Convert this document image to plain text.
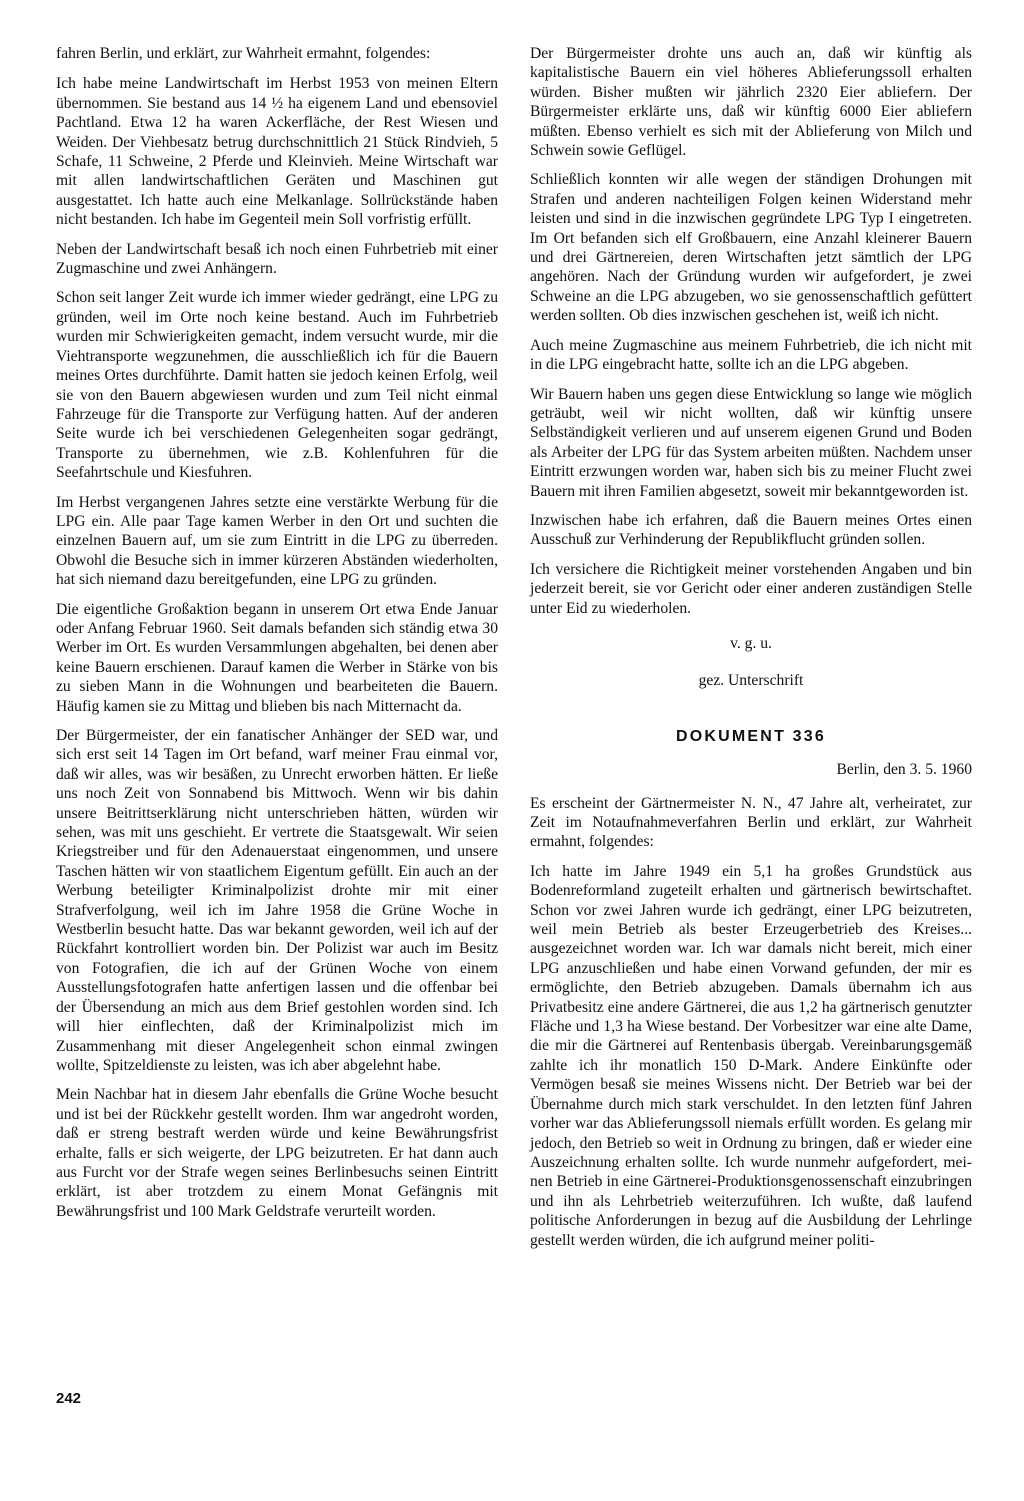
fahren Berlin, und erklärt, zur Wahrheit ermahnt, folgendes:

Ich habe meine Landwirtschaft im Herbst 1953 von meinen Eltern übernommen. Sie bestand aus 14 ½ ha eigenem Land und ebensoviel Pachtland. Etwa 12 ha waren Ackerfläche, der Rest Wiesen und Weiden. Der Viehbesatz betrug durchschnittlich 21 Stück Rindvieh, 5 Schafe, 11 Schweine, 2 Pferde und Kleinvieh. Meine Wirtschaft war mit allen landwirtschaftlichen Geräten und Maschinen gut ausgestattet. Ich hatte auch eine Melkanlage. Sollrückstände haben nicht bestanden. Ich habe im Gegenteil mein Soll vorfristig erfüllt.

Neben der Landwirtschaft besaß ich noch einen Fuhrbetrieb mit einer Zugmaschine und zwei Anhängern.

Schon seit langer Zeit wurde ich immer wieder gedrängt, eine LPG zu gründen, weil im Orte noch keine bestand. Auch im Fuhrbetrieb wurden mir Schwierigkeiten gemacht, indem versucht wurde, mir die Viehtransporte wegzunehmen, die ausschließlich ich für die Bauern meines Ortes durchführte. Damit hatten sie jedoch keinen Erfolg, weil sie von den Bauern abgewiesen wurden und zum Teil nicht einmal Fahrzeuge für die Transporte zur Verfügung hatten. Auf der anderen Seite wurde ich bei verschiedenen Gelegenheiten sogar gedrängt, Transporte zu übernehmen, wie z.B. Kohlenfuhren für die Seefahrtschule und Kiesfuhren.

Im Herbst vergangenen Jahres setzte eine verstärkte Werbung für die LPG ein. Alle paar Tage kamen Werber in den Ort und suchten die einzelnen Bauern auf, um sie zum Eintritt in die LPG zu überreden. Obwohl die Besuche sich in immer kürzeren Abständen wiederholten, hat sich niemand dazu bereitgefunden, eine LPG zu gründen.

Die eigentliche Großaktion begann in unserem Ort etwa Ende Januar oder Anfang Februar 1960. Seit damals befanden sich ständig etwa 30 Werber im Ort. Es wurden Versammlungen abgehalten, bei denen aber keine Bauern erschienen. Darauf kamen die Werber in Stärke von bis zu sieben Mann in die Wohnungen und bearbeiteten die Bauern. Häufig kamen sie zu Mittag und blieben bis nach Mitternacht da.

Der Bürgermeister, der ein fanatischer Anhänger der SED war, und sich erst seit 14 Tagen im Ort befand, warf meiner Frau einmal vor, daß wir alles, was wir besäßen, zu Unrecht erworben hätten. Er ließe uns noch Zeit von Sonnabend bis Mittwoch. Wenn wir bis dahin unsere Beitrittserklärung nicht unterschrieben hätten, würden wir sehen, was mit uns geschieht. Er vertrete die Staatsgewalt. Wir seien Kriegstreiber und für den Adenauerstaat eingenommen, und unsere Taschen hätten wir von staatlichem Eigentum gefüllt. Ein auch an der Werbung beteiligter Kriminalpolizist drohte mir mit einer Strafverfolgung, weil ich im Jahre 1958 die Grüne Woche in Westberlin besucht hatte. Das war bekannt geworden, weil ich auf der Rückfahrt kontrolliert worden bin. Der Polizist war auch im Besitz von Fotografien, die ich auf der Grünen Woche von einem Ausstellungsfotografen hatte anfertigen lassen und die offenbar bei der Übersendung an mich aus dem Brief gestohlen worden sind. Ich will hier einflechten, daß der Kriminalpolizist mich im Zusammenhang mit dieser Angelegenheit schon einmal zwingen wollte, Spitzeldienste zu leisten, was ich aber abgelehnt habe.

Mein Nachbar hat in diesem Jahr ebenfalls die Grüne Woche besucht und ist bei der Rückkehr gestellt worden. Ihm war angedroht worden, daß er streng bestraft werden würde und keine Bewährungsfrist erhalte, falls er sich weigerte, der LPG beizutreten. Er hat dann auch aus Furcht vor der Strafe wegen seines Berlinbesuchs seinen Eintritt erklärt, ist aber trotzdem zu einem Monat Gefängnis mit Bewährungsfrist und 100 Mark Geldstrafe verurteilt worden.

Der Bürgermeister drohte uns auch an, daß wir künftig als kapitalistische Bauern ein viel höheres Ablieferungssoll erhalten würden. Bisher mußten wir jährlich 2320 Eier abliefern. Der Bürgermeister erklärte uns, daß wir künftig 6000 Eier abliefern müßten. Ebenso verhielt es sich mit der Ablieferung von Milch und Schwein sowie Geflügel.

Schließlich konnten wir alle wegen der ständigen Drohungen mit Strafen und anderen nachteiligen Folgen keinen Widerstand mehr leisten und sind in die inzwischen gegründete LPG Typ I eingetreten. Im Ort befanden sich elf Großbauern, eine Anzahl kleinerer Bauern und drei Gärtnereien, deren Wirtschaften jetzt sämtlich der LPG angehören. Nach der Gründung wurden wir aufgefordert, je zwei Schweine an die LPG abzugeben, wo sie genossenschaftlich gefüttert werden sollten. Ob dies inzwischen geschehen ist, weiß ich nicht.

Auch meine Zugmaschine aus meinem Fuhrbetrieb, die ich nicht mit in die LPG eingebracht hatte, sollte ich an die LPG abgeben.

Wir Bauern haben uns gegen diese Entwicklung so lange wie möglich geträubt, weil wir nicht wollten, daß wir künftig unsere Selbständigkeit verlieren und auf unserem eigenen Grund und Boden als Arbeiter der LPG für das System arbeiten müßten. Nachdem unser Eintritt erzwungen worden war, haben sich bis zu meiner Flucht zwei Bauern mit ihren Familien abgesetzt, soweit mir bekanntgeworden ist.

Inzwischen habe ich erfahren, daß die Bauern meines Ortes einen Ausschuß zur Verhinderung der Republikflucht gründen sollen.

Ich versichere die Richtigkeit meiner vorstehenden Angaben und bin jederzeit bereit, sie vor Gericht oder einer anderen zuständigen Stelle unter Eid zu wiederholen.

v. g. u.

gez. Unterschrift

DOKUMENT 336
Berlin, den 3. 5. 1960

Es erscheint der Gärtnermeister N. N., 47 Jahre alt, verheiratet, zur Zeit im Notaufnahmeverfahren Berlin und erklärt, zur Wahrheit ermahnt, folgendes:

Ich hatte im Jahre 1949 ein 5,1 ha großes Grundstück aus Bodenreformland zugeteilt erhalten und gärtnerisch bewirtschaftet. Schon vor zwei Jahren wurde ich gedrängt, einer LPG beizutreten, weil mein Betrieb als bester Erzeugerbetrieb des Kreises... ausgezeichnet worden war. Ich war damals nicht bereit, mich einer LPG anzuschließen und habe einen Vorwand gefunden, der mir es ermöglichte, den Betrieb abzugeben. Damals übernahm ich aus Privatbesitz eine andere Gärtnerei, die aus 1,2 ha gärtnerisch genutzter Fläche und 1,3 ha Wiese bestand. Der Vorbesitzer war eine alte Dame, die mir die Gärtnerei auf Rentenbasis übergab. Vereinbarungsgemäß zahlte ich ihr monatlich 150 D-Mark. Andere Einkünfte oder Vermögen besaß sie meines Wissens nicht. Der Betrieb war bei der Übernahme durch mich stark verschuldet. In den letzten fünf Jahren vorher war das Ablieferungssoll niemals erfüllt worden. Es gelang mir jedoch, den Betrieb so weit in Ordnung zu bringen, daß er wieder eine Auszeichnung erhalten sollte. Ich wurde nunmehr aufgefordert, meinen Betrieb in eine Gärtnerei-Produktionsgenossenschaft einzubringen und ihn als Lehrbetrieb weiterzuführen. Ich wußte, daß laufend politische Anforderungen in bezug auf die Ausbildung der Lehrlinge gestellt werden würden, die ich aufgrund meiner politi-

242
